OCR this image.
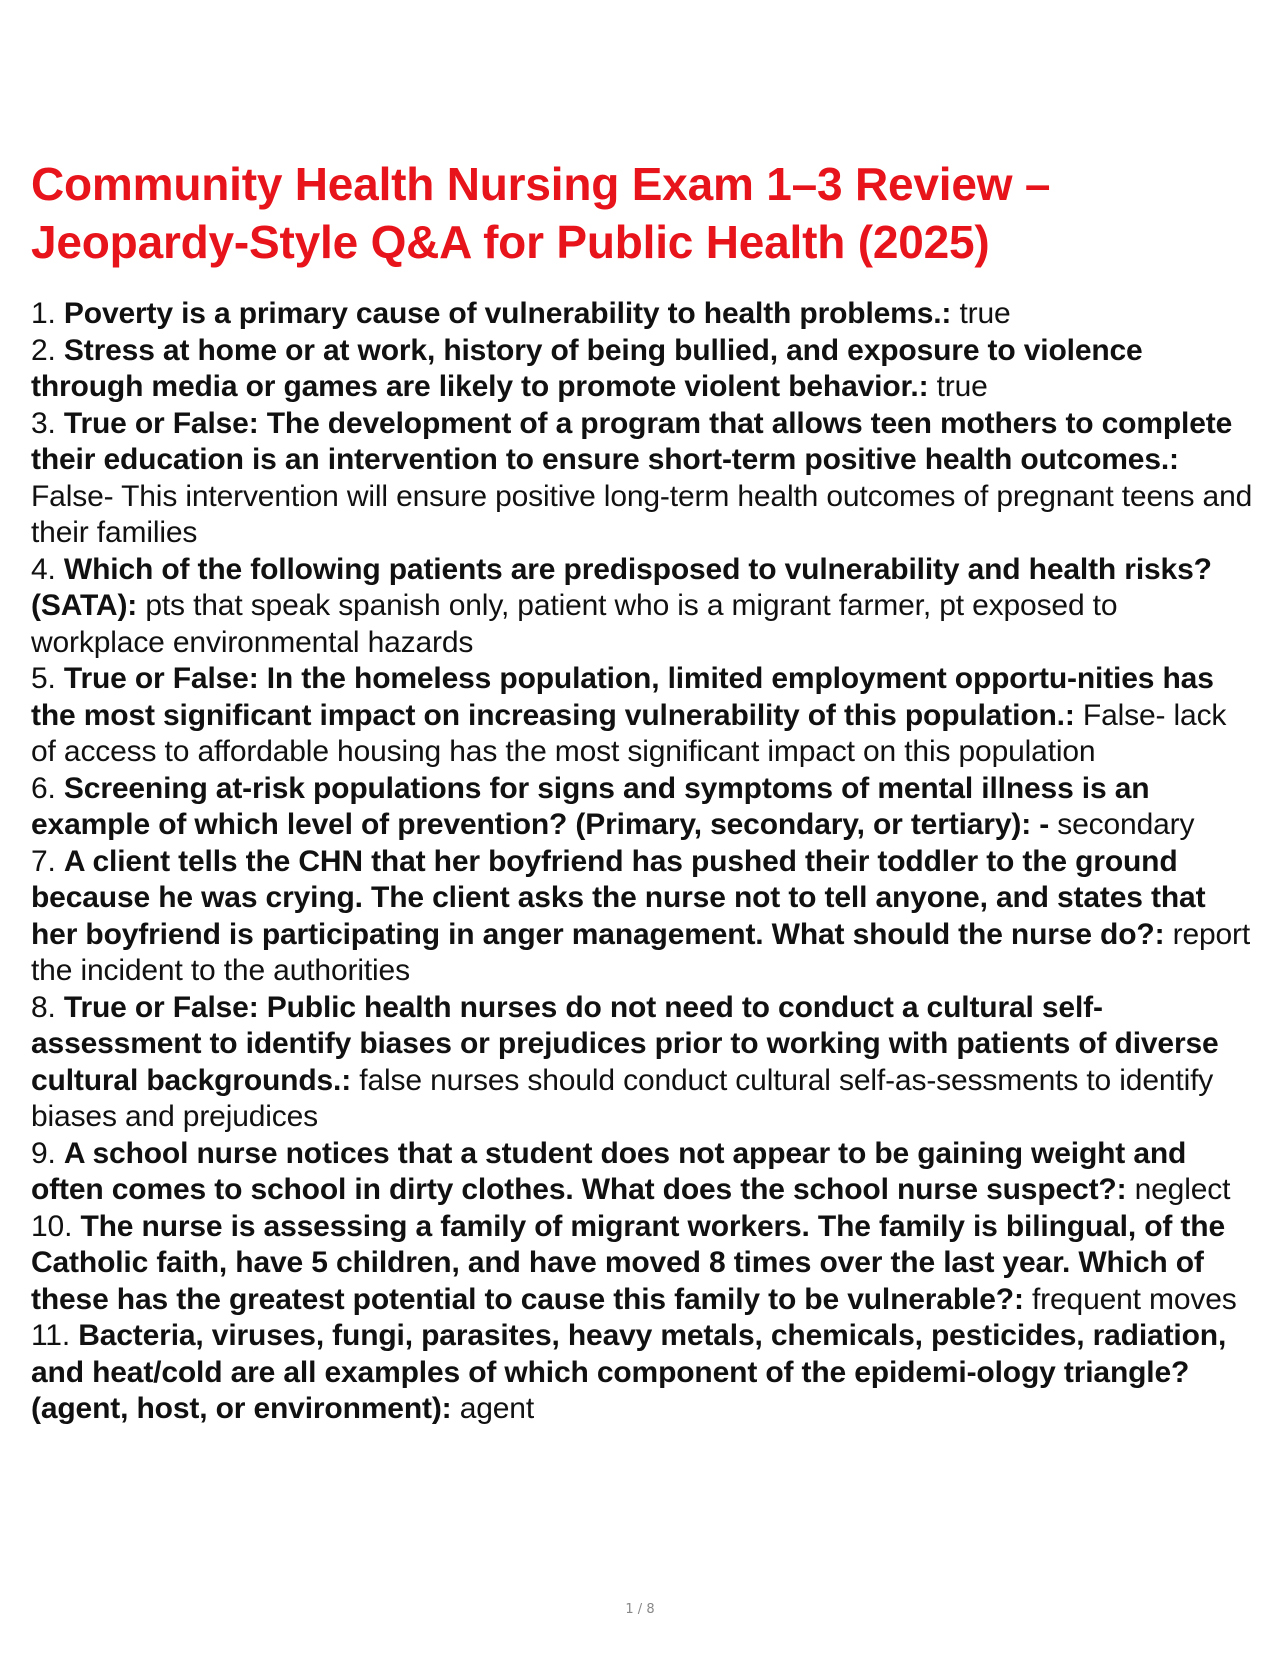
Community Health Nursing Exam 1–3 Review – Jeopardy-Style Q&A for Public Health (2025)
1. Poverty is a primary cause of vulnerability to health problems.: true
2. Stress at home or at work, history of being bullied, and exposure to violence through media or games are likely to promote violent behavior.: true
3. True or False: The development of a program that allows teen mothers to complete their education is an intervention to ensure short-term positive health outcomes.: False- This intervention will ensure positive long-term health outcomes of pregnant teens and their families
4. Which of the following patients are predisposed to vulnerability and health risks? (SATA): pts that speak spanish only, patient who is a migrant farmer, pt exposed to workplace environmental hazards
5. True or False: In the homeless population, limited employment opportu-nities has the most significant impact on increasing vulnerability of this population.: False- lack of access to affordable housing has the most significant impact on this population
6. Screening at-risk populations for signs and symptoms of mental illness is an example of which level of prevention? (Primary, secondary, or tertiary): - secondary
7. A client tells the CHN that her boyfriend has pushed their toddler to the ground because he was crying. The client asks the nurse not to tell anyone, and states that her boyfriend is participating in anger management. What should the nurse do?: report the incident to the authorities
8. True or False: Public health nurses do not need to conduct a cultural self-assessment to identify biases or prejudices prior to working with patients of diverse cultural backgrounds.: false nurses should conduct cultural self-as-sessments to identify biases and prejudices
9. A school nurse notices that a student does not appear to be gaining weight and often comes to school in dirty clothes. What does the school nurse suspect?: neglect
10. The nurse is assessing a family of migrant workers. The family is bilingual, of the Catholic faith, have 5 children, and have moved 8 times over the last year. Which of these has the greatest potential to cause this family to be vulnerable?: frequent moves
11. Bacteria, viruses, fungi, parasites, heavy metals, chemicals, pesticides, radiation, and heat/cold are all examples of which component of the epidemi-ology triangle? (agent, host, or environment): agent
1 / 8
